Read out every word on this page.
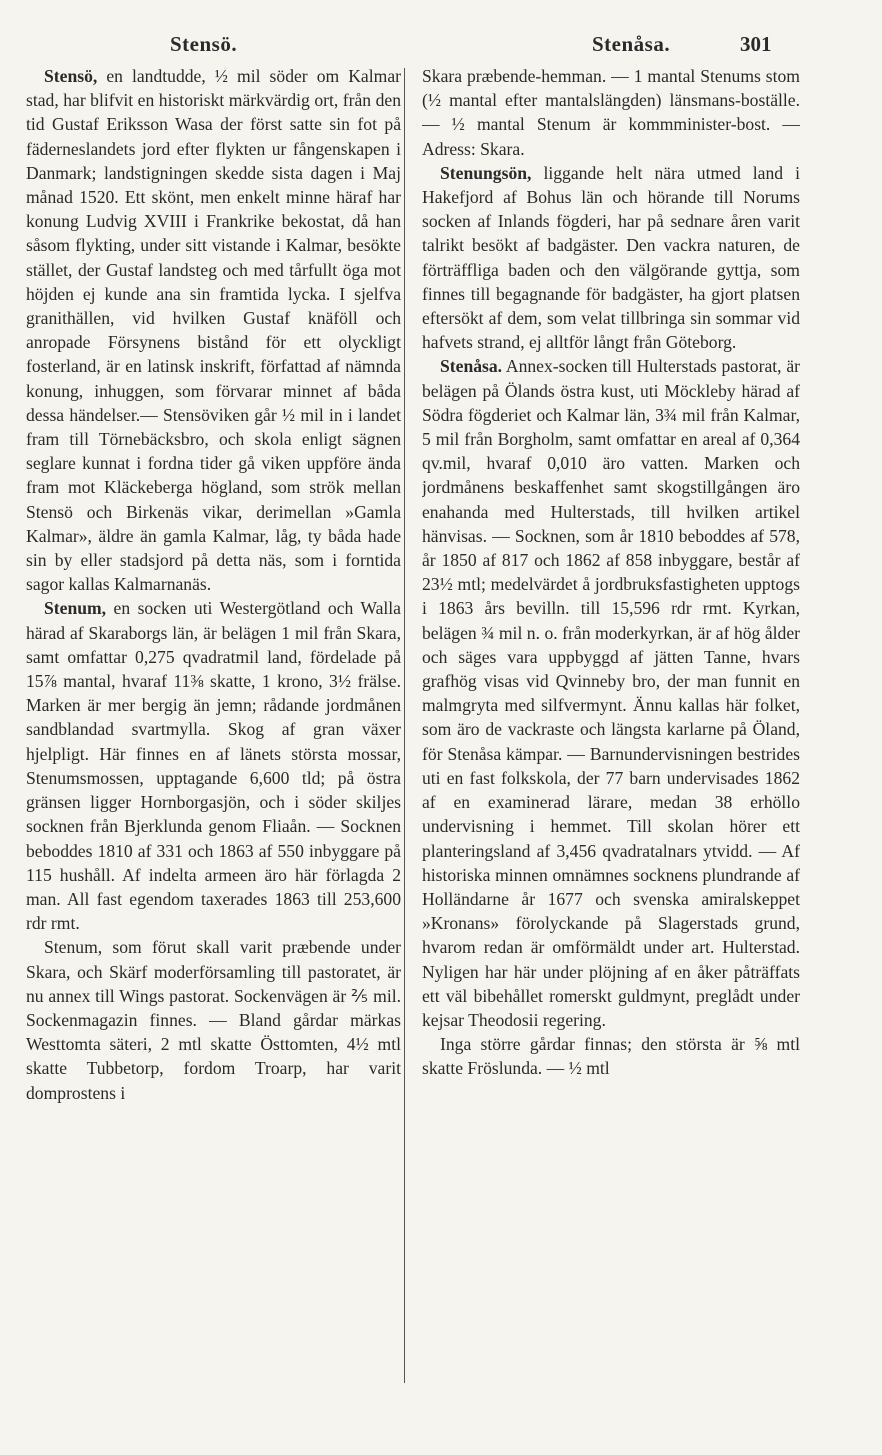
Stensö.	Stenåsa.	301

Stensö, en landtudde, ½ mil söder om Kalmar stad, har blifvit en historiskt märkvärdig ort, från den tid Gustaf Eriksson Wasa der först satte sin fot på fäderneslandets jord efter flykten ur fångenskapen i Danmark; landstigningen skedde sista dagen i Maj månad 1520. Ett skönt, men enkelt minne häraf har konung Ludvig XVIII i Frankrike bekostat, då han såsom flykting, under sitt vistande i Kalmar, besökte stället, der Gustaf landsteg och med tårfullt öga mot höjden ej kunde ana sin framtida lycka. I sjelfva granithällen, vid hvilken Gustaf knäföll och anropade Försynens bistånd för ett olyckligt fosterland, är en latinsk inskrift, författad af nämnda konung, inhuggen, som förvarar minnet af båda dessa händelser.— Stensöviken går ½ mil in i landet fram till Törnebäcksbro, och skola enligt sägnen seglare kunnat i fordna tider gå viken uppföre ända fram mot Kläckeberga högland, som strök mellan Stensö och Birkenäs vikar, derimellan »Gamla Kalmar», äldre än gamla Kalmar, låg, ty båda hade sin by eller stadsjord på detta näs, som i forntida sagor kallas Kalmarnanäs.

Stenum, en socken uti Westergötland och Walla härad af Skaraborgs län, är belägen 1 mil från Skara, samt omfattar 0,275 qvadratmil land, fördelade på 15⅞ mantal, hvaraf 11⅜ skatte, 1 krono, 3½ frälse. Marken är mer bergig än jemn; rådande jordmånen sandblandad svartmylla. Skog af gran växer hjelpligt. Här finnes en af länets största mossar, Stenumsmossen, upptagande 6,600 tld; på östra gränsen ligger Hornborgasjön, och i söder skiljes socknen från Bjerklunda genom Fliaån. — Socknen beboddes 1810 af 331 och 1863 af 550 inbyggare på 115 hushåll. Af indelta armeen äro här förlagda 2 man. All fast egendom taxerades 1863 till 253,600 rdr rmt.

Stenum, som förut skall varit præbende under Skara, och Skärf moderförsamling till pastoratet, är nu annex till Wings pastorat. Sockenvägen är ⅖ mil. Sockenmagazin finnes. — Bland gårdar märkas Westtomta säteri, 2 mtl skatte Östtomten, 4½ mtl skatte Tubbetorp, fordom Troarp, har varit domprostens i

Skara præbende-hemman. — 1 mantal Stenums stom (½ mantal efter mantalslängden) länsmans-boställe. — ½ mantal Stenum är kommminister-bost. — Adress: Skara.

Stenungsön, liggande helt nära utmed land i Hakefjord af Bohus län och hörande till Norums socken af Inlands fögderi, har på sednare åren varit talrikt besökt af badgäster. Den vackra naturen, de förträffliga baden och den välgörande gyttja, som finnes till begagnande för badgäster, ha gjort platsen eftersökt af dem, som velat tillbringa sin sommar vid hafvets strand, ej alltför långt från Göteborg.

Stenåsa. Annex-socken till Hulterstads pastorat, är belägen på Ölands östra kust, uti Möckleby härad af Södra fögderiet och Kalmar län, 3¾ mil från Kalmar, 5 mil från Borgholm, samt omfattar en areal af 0,364 qv.mil, hvaraf 0,010 äro vatten. Marken och jordmånens beskaffenhet samt skogstillgången äro enahanda med Hulterstads, till hvilken artikel hänvisas. — Socknen, som år 1810 beboddes af 578, år 1850 af 817 och 1862 af 858 inbyggare, består af 23½ mtl; medelvärdet å jordbruksfastigheten upptogs i 1863 års bevilln. till 15,596 rdr rmt. Kyrkan, belägen ¾ mil n. o. från moderkyrkan, är af hög ålder och säges vara uppbyggd af jätten Tanne, hvars grafhög visas vid Qvinneby bro, der man funnit en malmgryta med silfvermynt. Ännu kallas här folket, som äro de vackraste och längsta karlarne på Öland, för Stenåsa kämpar. — Barnundervisningen bestrides uti en fast folkskola, der 77 barn undervisades 1862 af en examinerad lärare, medan 38 erhöllo undervisning i hemmet. Till skolan hörer ett planteringsland af 3,456 qvadratalnars ytvidd. — Af historiska minnen omnämnes socknens plundrande af Holländarne år 1677 och svenska amiralskeppet »Kronans» förolyckande på Slagerstads grund, hvarom redan är omförmäldt under art. Hulterstad. Nyligen har här under plöjning af en åker påträffats ett väl bibehållet romerskt guldmynt, preglådt under kejsar Theodosii regering.

Inga större gårdar finnas; den största är ⅝ mtl skatte Fröslunda. — ½ mtl
